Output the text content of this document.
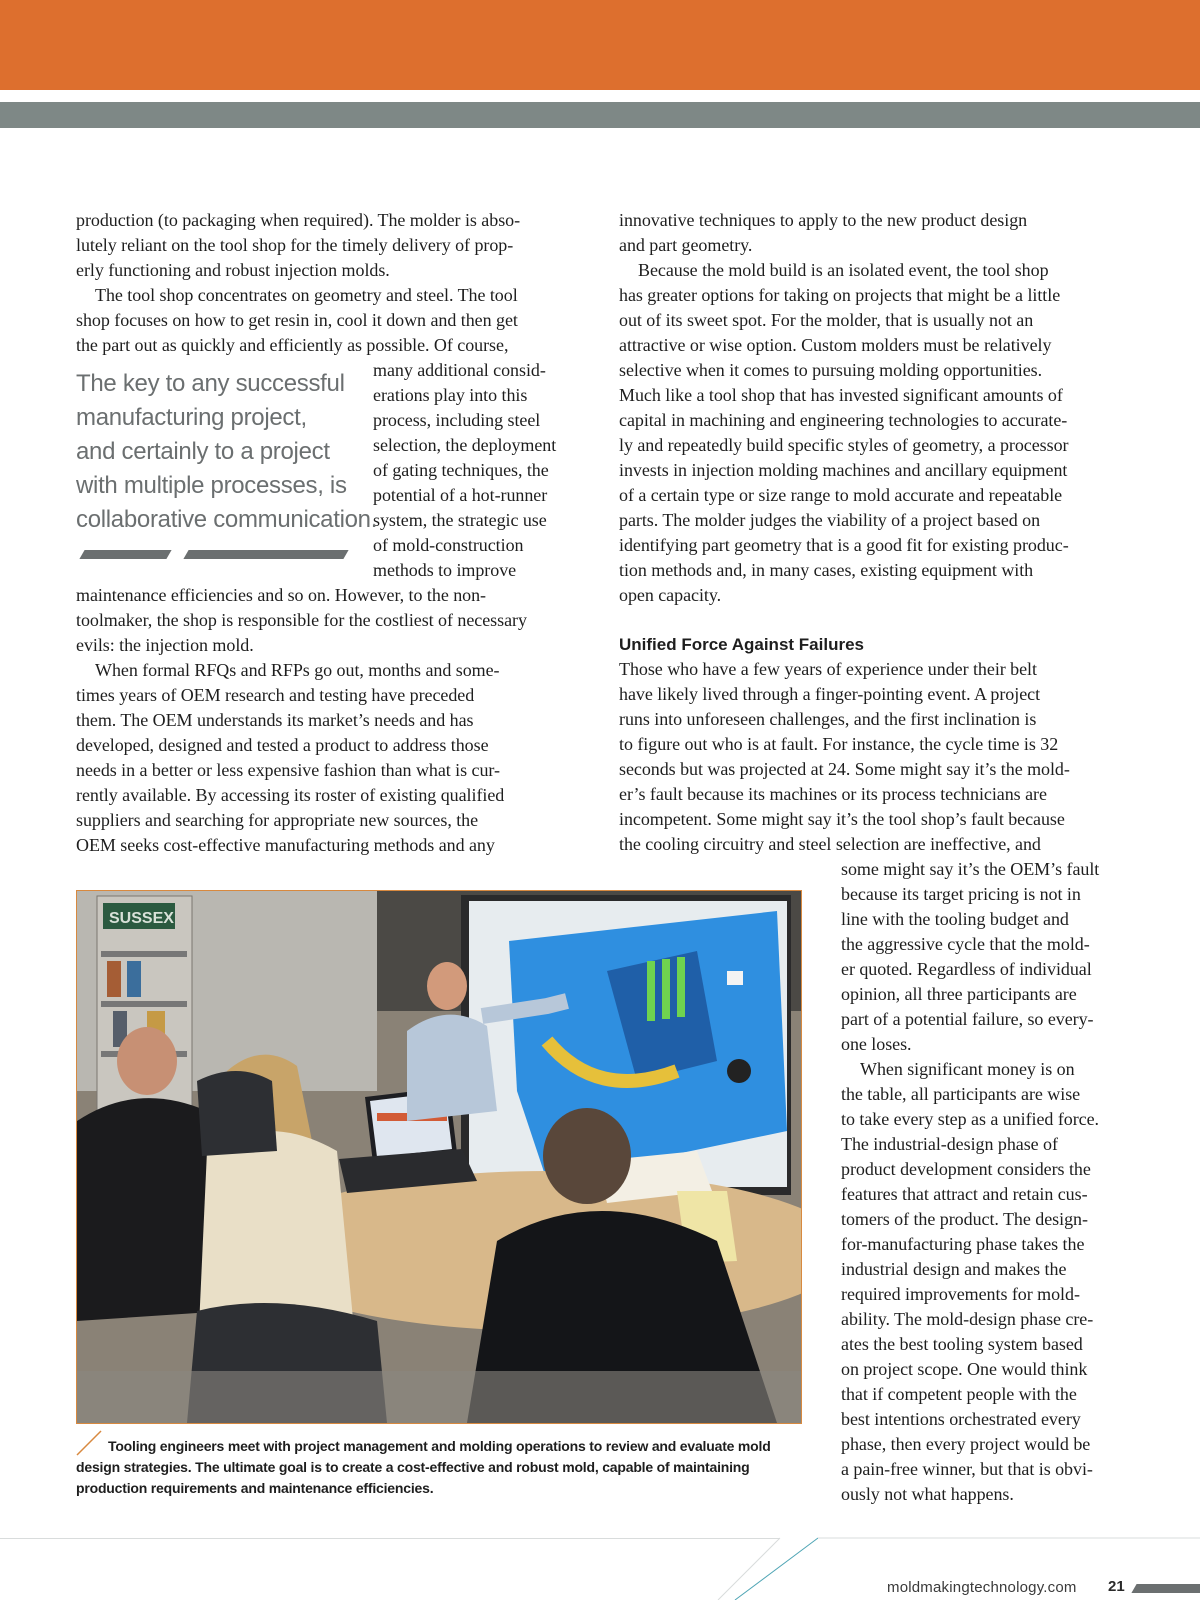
production (to packaging when required). The molder is abso-
lutely reliant on the tool shop for the timely delivery of prop-
erly functioning and robust injection molds.
The tool shop concentrates on geometry and steel. The tool
shop focuses on how to get resin in, cool it down and then get
the part out as quickly and efficiently as possible. Of course,
many additional consid-
erations play into this
process, including steel
selection, the deployment
of gating techniques, the
potential of a hot-runner
system, the strategic use
of mold-construction
methods to improve
The key to any successful
manufacturing project,
and certainly to a project
with multiple processes, is
collaborative communication.
maintenance efficiencies and so on. However, to the non-
toolmaker, the shop is responsible for the costliest of necessary
evils: the injection mold.
When formal RFQs and RFPs go out, months and some-
times years of OEM research and testing have preceded
them. The OEM understands its market’s needs and has
developed, designed and tested a product to address those
needs in a better or less expensive fashion than what is cur-
rently available. By accessing its roster of existing qualified
suppliers and searching for appropriate new sources, the
OEM seeks cost-effective manufacturing methods and any
innovative techniques to apply to the new product design
and part geometry.
Because the mold build is an isolated event, the tool shop
has greater options for taking on projects that might be a little
out of its sweet spot. For the molder, that is usually not an
attractive or wise option. Custom molders must be relatively
selective when it comes to pursuing molding opportunities.
Much like a tool shop that has invested significant amounts of
capital in machining and engineering technologies to accurate-
ly and repeatedly build specific styles of geometry, a processor
invests in injection molding machines and ancillary equipment
of a certain type or size range to mold accurate and repeatable
parts. The molder judges the viability of a project based on
identifying part geometry that is a good fit for existing produc-
tion methods and, in many cases, existing equipment with
open capacity.
Unified Force Against Failures
Those who have a few years of experience under their belt
have likely lived through a finger-pointing event. A project
runs into unforeseen challenges, and the first inclination is
to figure out who is at fault. For instance, the cycle time is 32
seconds but was projected at 24. Some might say it’s the mold-
er’s fault because its machines or its process technicians are
incompetent. Some might say it’s the tool shop’s fault because
the cooling circuitry and steel selection are ineffective, and
some might say it’s the OEM’s fault
because its target pricing is not in
line with the tooling budget and
the aggressive cycle that the mold-
er quoted. Regardless of individual
opinion, all three participants are
part of a potential failure, so every-
one loses.
When significant money is on
the table, all participants are wise
to take every step as a unified force.
The industrial-design phase of
product development considers the
features that attract and retain cus-
tomers of the product. The design-
for-manufacturing phase takes the
industrial design and makes the
required improvements for mold-
ability. The mold-design phase cre-
ates the best tooling system based
on project scope. One would think
that if competent people with the
best intentions orchestrated every
phase, then every project would be
a pain-free winner, but that is obvi-
ously not what happens.
SUSSEX
Tooling engineers meet with project management and molding operations to review and evaluate mold
design strategies. The ultimate goal is to create a cost-effective and robust mold, capable of maintaining
production requirements and maintenance efficiencies.
moldmakingtechnology.com 21
